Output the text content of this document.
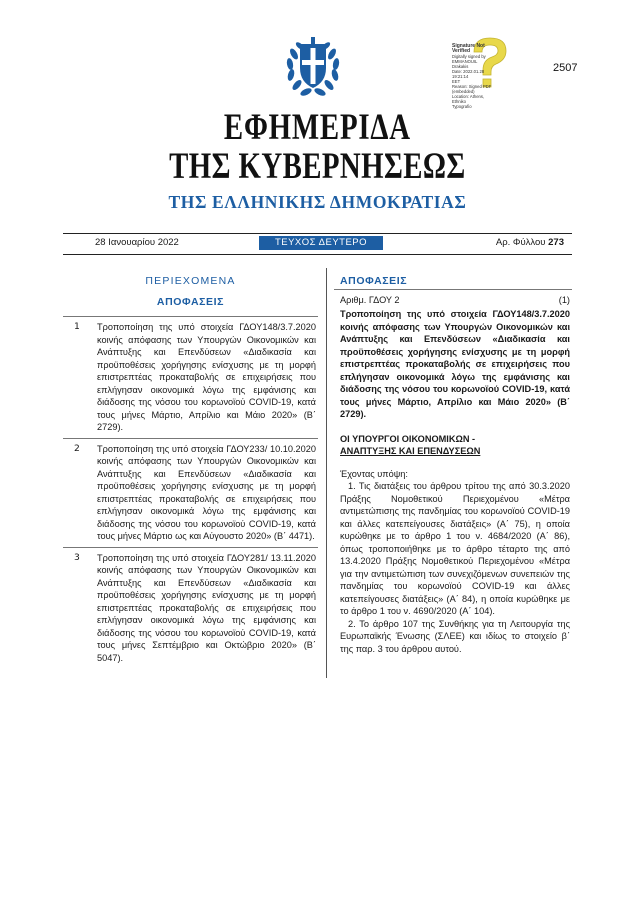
Signature Not Verified
Digitally signed by
EMMANOUIL
Drakakis
Date: 2022.01.28 19:21:14
EET
Reason: Signed PDF
(embedded)
Location: Athens, Ethniko
Typografio

2507
ΕΦΗΜΕΡΙΔΑ
ΤΗΣ ΚΥΒΕΡΝΗΣΕΩΣ
ΤΗΣ ΕΛΛΗΝΙΚΗΣ ΔΗΜΟΚΡΑΤΙΑΣ
28 Ιανουαρίου 2022	ΤΕΥΧΟΣ ΔΕΥΤΕΡΟ	Αρ. Φύλλου 273
ΠΕΡΙΕΧΟΜΕΝΑ
ΑΠΟΦΑΣΕΙΣ
1 Τροποποίηση της υπό στοιχεία ΓΔΟΥ148/3.7.2020 κοινής απόφασης των Υπουργών Οικονομικών και Ανάπτυξης και Επενδύσεων «Διαδικασία και προϋποθέσεις χορήγησης ενίσχυσης με τη μορφή επιστρεπτέας προκαταβολής σε επιχειρήσεις που επλήγησαν οικονομικά λόγω της εμφάνισης και διάδοσης της νόσου του κορωνοϊού COVID-19, κατά τους μήνες Μάρτιο, Απρίλιο και Μάιο 2020» (Β΄ 2729).
2 Τροποποίηση της υπό στοιχεία ΓΔΟΥ233/ 10.10.2020 κοινής απόφασης των Υπουργών Οικονομικών και Ανάπτυξης και Επενδύσεων «Διαδικασία και προϋποθέσεις χορήγησης ενίσχυσης με τη μορφή επιστρεπτέας προκαταβολής σε επιχειρήσεις που επλήγησαν οικονομικά λόγω της εμφάνισης και διάδοσης της νόσου του κορωνοϊού COVID-19, κατά τους μήνες Μάρτιο ως και Αύγουστο 2020» (Β΄ 4471).
3 Τροποποίηση της υπό στοιχεία ΓΔΟΥ281/ 13.11.2020 κοινής απόφασης των Υπουργών Οικονομικών και Ανάπτυξης και Επενδύσεων «Διαδικασία και προϋποθέσεις χορήγησης ενίσχυσης με τη μορφή επιστρεπτέας προκαταβολής σε επιχειρήσεις που επλήγησαν οικονομικά λόγω της εμφάνισης και διάδοσης της νόσου του κορωνοϊού COVID-19, κατά τους μήνες Σεπτέμβριο και Οκτώβριο 2020» (Β΄ 5047).
ΑΠΟΦΑΣΕΙΣ
Αριθμ. ΓΔΟΥ 2	(1)
Τροποποίηση της υπό στοιχεία ΓΔΟΥ148/3.7.2020 κοινής απόφασης των Υπουργών Οικονομικών και Ανάπτυξης και Επενδύσεων «Διαδικασία και προϋποθέσεις χορήγησης ενίσχυσης με τη μορφή επιστρεπτέας προκαταβολής σε επιχειρήσεις που επλήγησαν οικονομικά λόγω της εμφάνισης και διάδοσης της νόσου του κορωνοϊού COVID-19, κατά τους μήνες Μάρτιο, Απρίλιο και Μάιο 2020» (Β΄ 2729).
ΟΙ ΥΠΟΥΡΓΟΙ ΟΙΚΟΝΟΜΙΚΩΝ -
ΑΝΑΠΤΥΞΗΣ ΚΑΙ ΕΠΕΝΔΥΣΕΩΝ

Έχοντας υπόψη:

1. Τις διατάξεις του άρθρου τρίτου της από 30.3.2020 Πράξης Νομοθετικού Περιεχομένου «Μέτρα αντιμετώπισης της πανδημίας του κορωνοϊού COVID-19 και άλλες κατεπείγουσες διατάξεις» (Α΄ 75), η οποία κυρώθηκε με το άρθρο 1 του ν. 4684/2020 (Α΄ 86), όπως τροποποιήθηκε με το άρθρο τέταρτο της από 13.4.2020 Πράξης Νομοθετικού Περιεχομένου «Μέτρα για την αντιμετώπιση των συνεχιζόμενων συνεπειών της πανδημίας του κορωνοϊού COVID-19 και άλλες κατεπείγουσες διατάξεις» (Α΄ 84), η οποία κυρώθηκε με το άρθρο 1 του ν. 4690/2020 (Α΄ 104).

2. Το άρθρο 107 της Συνθήκης για τη Λειτουργία της Ευρωπαϊκής Ένωσης (ΣΛΕΕ) και ιδίως το στοιχείο β΄ της παρ. 3 του άρθρου αυτού.
